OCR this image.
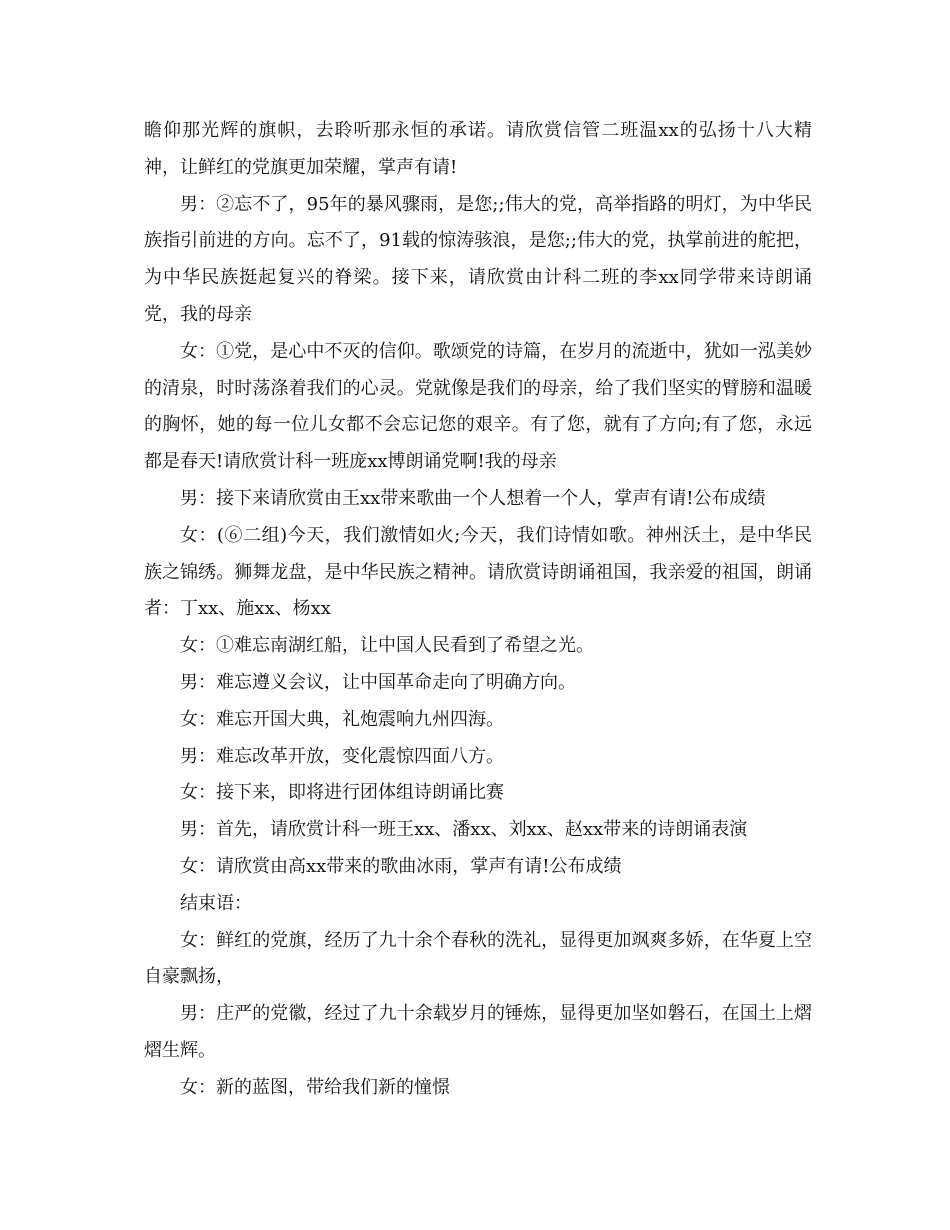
瞻仰那光辉的旗帜，去聆听那永恒的承诺。请欣赏信管二班温xx的弘扬十八大精神，让鲜红的党旗更加荣耀，掌声有请!

男：②忘不了，95年的暴风骤雨，是您;;伟大的党，高举指路的明灯，为中华民族指引前进的方向。忘不了，91载的惊涛骇浪，是您;;伟大的党，执掌前进的舵把，为中华民族挺起复兴的脊梁。接下来，请欣赏由计科二班的李xx同学带来诗朗诵党，我的母亲

女：①党，是心中不灭的信仰。歌颂党的诗篇，在岁月的流逝中，犹如一泓美妙的清泉，时时荡涤着我们的心灵。党就像是我们的母亲，给了我们坚实的臂膀和温暖的胸怀，她的每一位儿女都不会忘记您的艰辛。有了您，就有了方向;有了您，永远都是春天!请欣赏计科一班庞xx博朗诵党啊!我的母亲

男：接下来请欣赏由王xx带来歌曲一个人想着一个人，掌声有请!公布成绩

女：(⑥二组)今天，我们激情如火;今天，我们诗情如歌。神州沃土，是中华民族之锦绣。狮舞龙盘，是中华民族之精神。请欣赏诗朗诵祖国，我亲爱的祖国，朗诵者：丁xx、施xx、杨xx

女：①难忘南湖红船，让中国人民看到了希望之光。

男：难忘遵义会议，让中国革命走向了明确方向。

女：难忘开国大典，礼炮震响九州四海。

男：难忘改革开放，变化震惊四面八方。

女：接下来，即将进行团体组诗朗诵比赛

男：首先，请欣赏计科一班王xx、潘xx、刘xx、赵xx带来的诗朗诵表演

女：请欣赏由高xx带来的歌曲冰雨，掌声有请!公布成绩

结束语：

女：鲜红的党旗，经历了九十余个春秋的洗礼，显得更加飒爽多娇，在华夏上空自豪飘扬，

男：庄严的党徽，经过了九十余载岁月的锤炼，显得更加坚如磐石，在国土上熠熠生辉。

女：新的蓝图，带给我们新的憧憬
